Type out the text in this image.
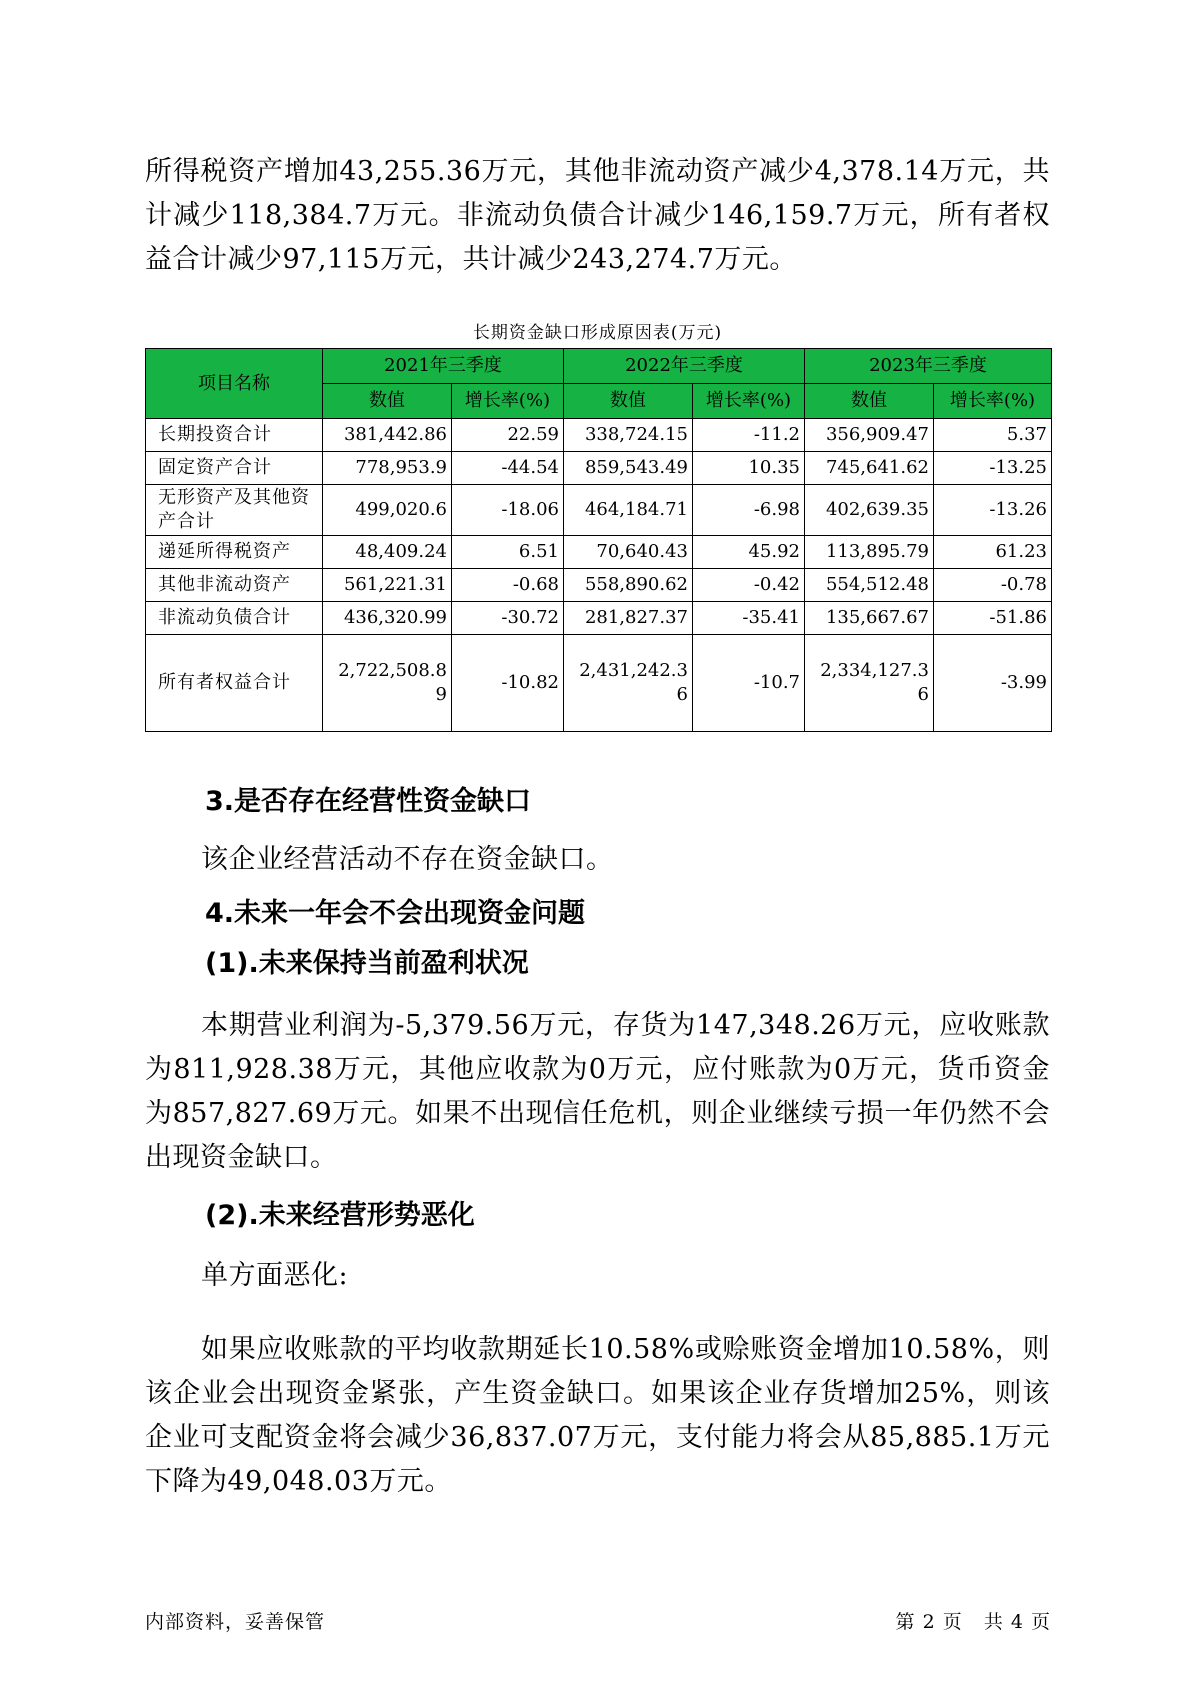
所得税资产增加43,255.36万元，其他非流动资产减少4,378.14万元，共计减少118,384.7万元。非流动负债合计减少146,159.7万元，所有者权益合计减少97,115万元，共计减少243,274.7万元。

长期资金缺口形成原因表(万元)
项目名称	2021年三季度		2022年三季度		2023年三季度	
	数值	增长率(%)	数值	增长率(%)	数值	增长率(%)
长期投资合计	381,442.86	22.59	338,724.15	-11.2	356,909.47	5.37
固定资产合计	778,953.9	-44.54	859,543.49	10.35	745,641.62	-13.25
无形资产及其他资产合计	499,020.6	-18.06	464,184.71	-6.98	402,639.35	-13.26
递延所得税资产	48,409.24	6.51	70,640.43	45.92	113,895.79	61.23
其他非流动资产	561,221.31	-0.68	558,890.62	-0.42	554,512.48	-0.78
非流动负债合计	436,320.99	-30.72	281,827.37	-35.41	135,667.67	-51.86
所有者权益合计	2,722,508.89	-10.82	2,431,242.36	-10.7	2,334,127.36	-3.99
3.是否存在经营性资金缺口

该企业经营活动不存在资金缺口。

4.未来一年会不会出现资金问题
(1).未来保持当前盈利状况

本期营业利润为-5,379.56万元，存货为147,348.26万元，应收账款为811,928.38万元，其他应收款为0万元，应付账款为0万元，货币资金为857,827.69万元。如果不出现信任危机，则企业继续亏损一年仍然不会出现资金缺口。

(2).未来经营形势恶化

单方面恶化:

如果应收账款的平均收款期延长10.58%或赊账资金增加10.58%，则该企业会出现资金紧张，产生资金缺口。如果该企业存货增加25%，则该企业可支配资金将会减少36,837.07万元，支付能力将会从85,885.1万元下降为49,048.03万元。

内部资料，妥善保管	第 2 页   共 4 页
